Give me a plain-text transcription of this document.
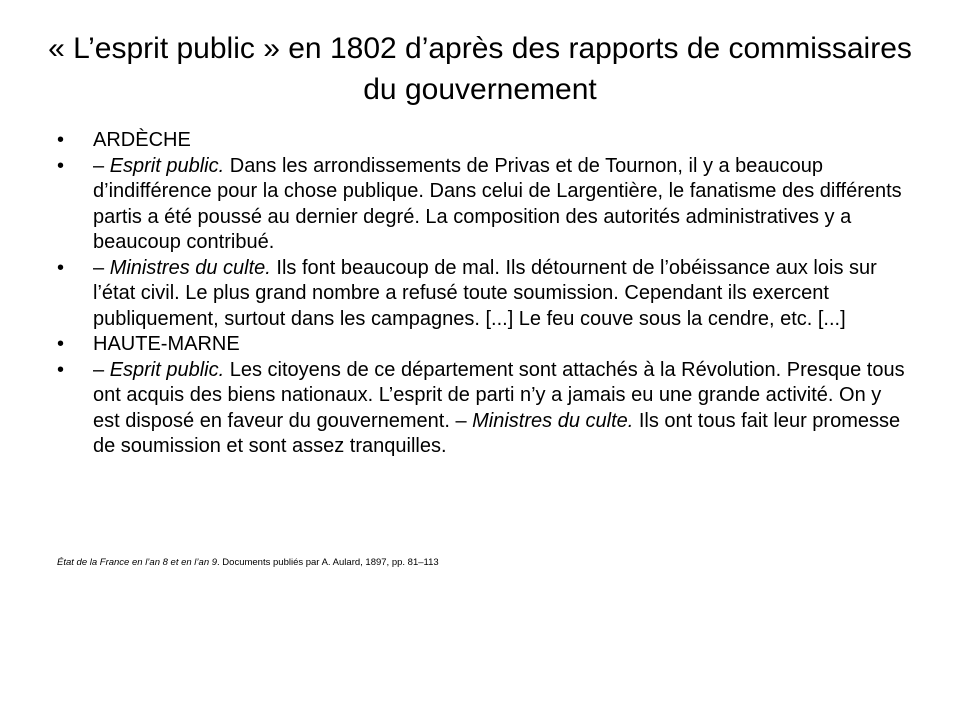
« L’esprit public » en 1802 d’après des rapports de commissaires du gouvernement
• ARDÈCHE
• – Esprit public. Dans les arrondissements de Privas et de Tournon, il y a beaucoup d’indifférence pour la chose publique. Dans celui de Largentière, le fanatisme des différents partis a été poussé au dernier degré. La composition des autorités administratives y a beaucoup contribué.
• – Ministres du culte. Ils font beaucoup de mal. Ils détournent de l’obéissance aux lois sur l’état civil. Le plus grand nombre a refusé toute soumission. Cependant ils exercent publiquement, surtout dans les campagnes. [...] Le feu couve sous la cendre, etc. [...]
• HAUTE-MARNE
• – Esprit public. Les citoyens de ce département sont attachés à la Révolution. Presque tous ont acquis des biens nationaux. L’esprit de parti n’y a jamais eu une grande activité. On y est disposé en faveur du gouvernement. – Ministres du culte. Ils ont tous fait leur promesse de soumission et sont assez tranquilles.
État de la France en l’an 8 et en l’an 9. Documents publiés par A. Aulard, 1897, pp. 81–113
